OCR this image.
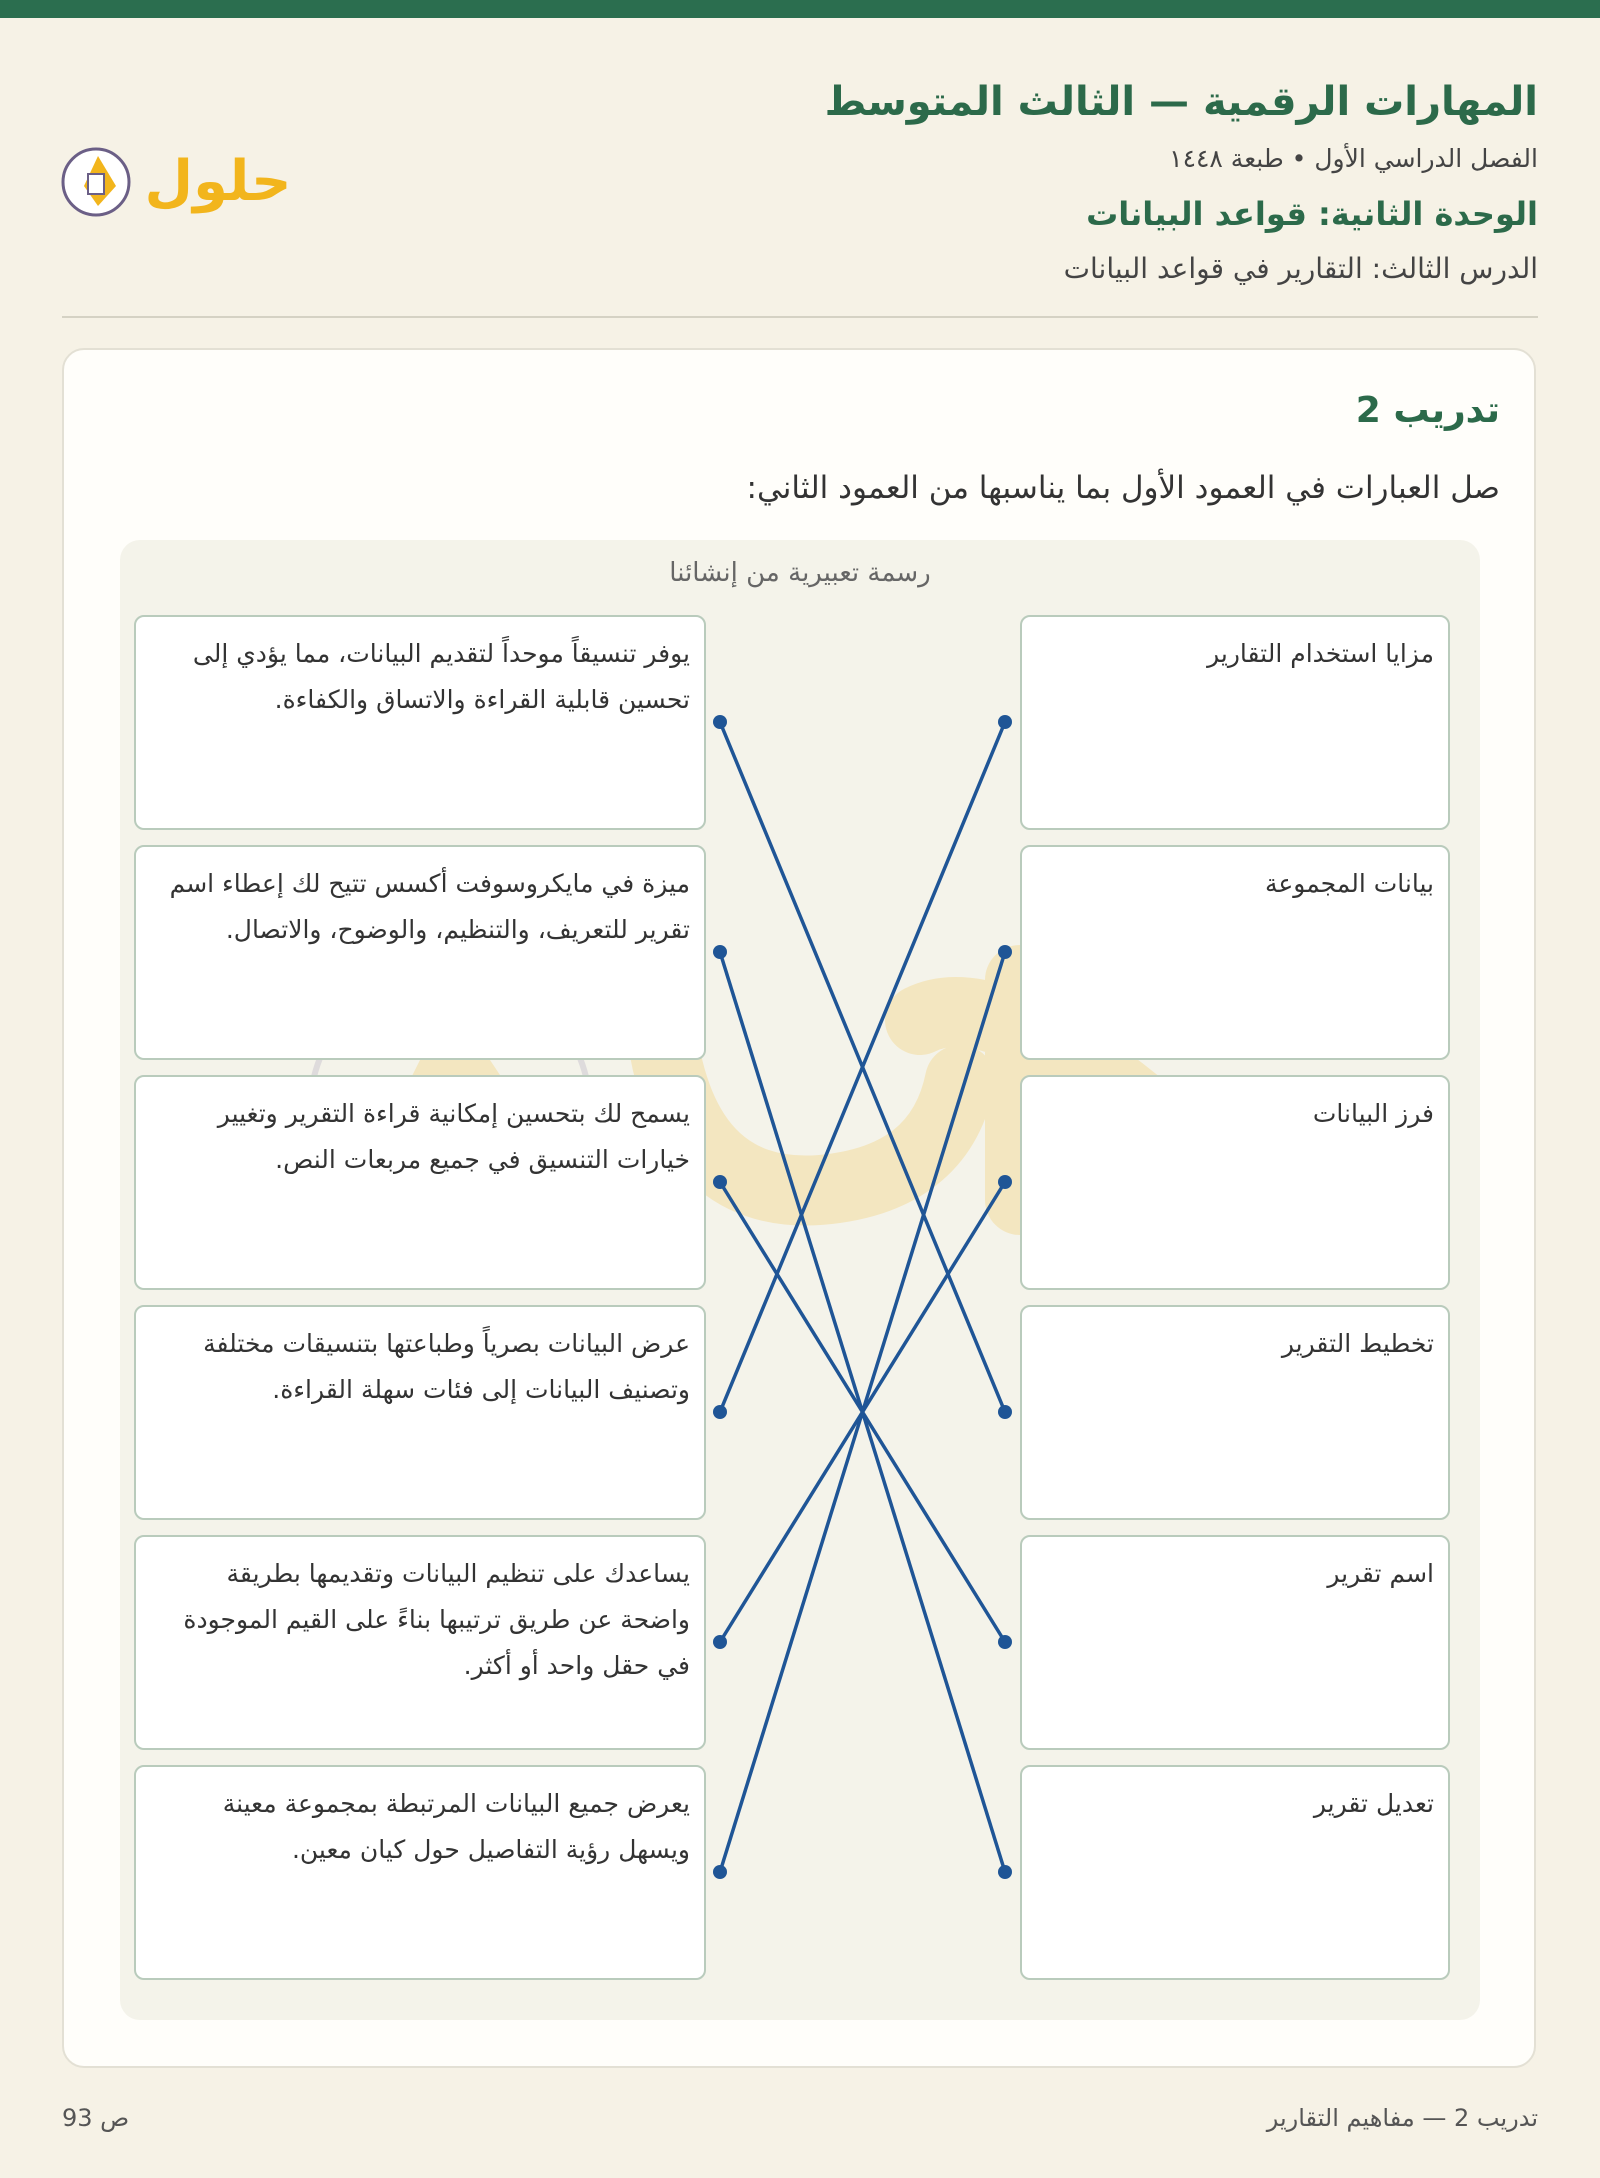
المهارات الرقمية — الثالث المتوسط
الفصل الدراسي الأول • طبعة ١٤٤٨
الوحدة الثانية: قواعد البيانات
الدرس الثالث: التقارير في قواعد البيانات
حلول
تدريب 2
صل العبارات في العمود الأول بما يناسبها من العمود الثاني:
رسمة تعبيرية من إنشائنا
مزايا استخدام التقارير
بيانات المجموعة
فرز البيانات
تخطيط التقرير
اسم تقرير
تعديل تقرير
يوفر تنسيقاً موحداً لتقديم البيانات، مما يؤدي إلى تحسين قابلية القراءة والاتساق والكفاءة.
ميزة في مايكروسوفت أكسس تتيح لك إعطاء اسم تقرير للتعريف، والتنظيم، والوضوح، والاتصال.
يسمح لك بتحسين إمكانية قراءة التقرير وتغيير خيارات التنسيق في جميع مربعات النص.
عرض البيانات بصرياً وطباعتها بتنسيقات مختلفة وتصنيف البيانات إلى فئات سهلة القراءة.
يساعدك على تنظيم البيانات وتقديمها بطريقة واضحة عن طريق ترتيبها بناءً على القيم الموجودة في حقل واحد أو أكثر.
يعرض جميع البيانات المرتبطة بمجموعة معينة ويسهل رؤية التفاصيل حول كيان معين.
ص 93	تدريب 2 — مفاهيم التقارير
